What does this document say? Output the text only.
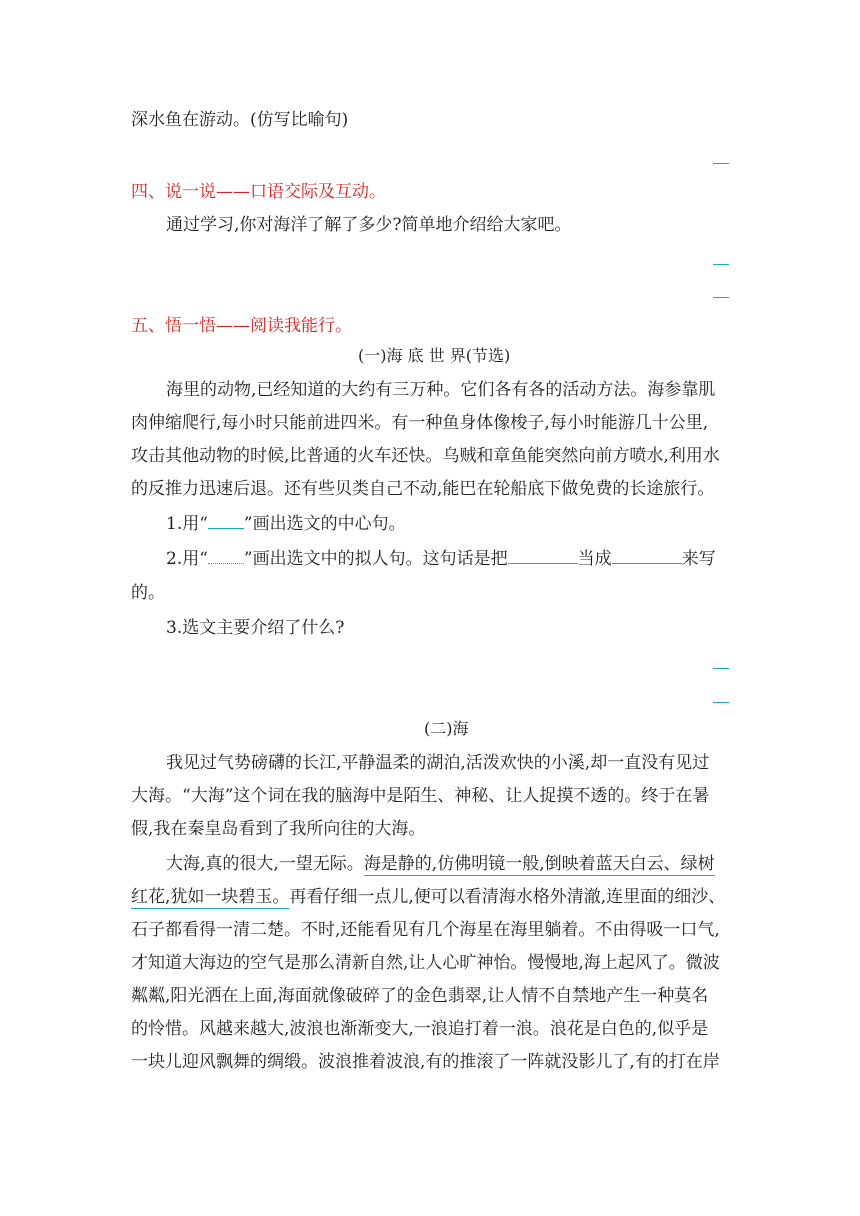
深水鱼在游动。(仿写比喻句)
四、说一说——口语交际及互动。
通过学习,你对海洋了解了多少?简单地介绍给大家吧。
五、悟一悟——阅读我能行。
(一)海 底 世 界(节选)
海里的动物,已经知道的大约有三万种。它们各有各的活动方法。海参靠肌
肉伸缩爬行,每小时只能前进四米。有一种鱼身体像梭子,每小时能游几十公里,
攻击其他动物的时候,比普通的火车还快。乌贼和章鱼能突然向前方喷水,利用水
的反推力迅速后退。还有些贝类自己不动,能巴在轮船底下做免费的长途旅行。
1.用“ ”画出选文的中心句。
2.用“ ”画出选文中的拟人句。这句话是把	当成	来写
的。
3.选文主要介绍了什么?
(二)海
我见过气势磅礴的长江,平静温柔的湖泊,活泼欢快的小溪,却一直没有见过
大海。“大海”这个词在我的脑海中是陌生、神秘、让人捉摸不透的。终于在暑
假,我在秦皇岛看到了我所向往的大海。
大海,真的很大,一望无际。海是静的,仿佛明镜一般,倒映着蓝天白云、绿树
红花,犹如一块碧玉。再看仔细一点儿,便可以看清海水格外清澈,连里面的细沙、
石子都看得一清二楚。不时,还能看见有几个海星在海里躺着。不由得吸一口气,
才知道大海边的空气是那么清新自然,让人心旷神怡。慢慢地,海上起风了。微波
粼粼,阳光洒在上面,海面就像破碎了的金色翡翠,让人情不自禁地产生一种莫名
的怜惜。风越来越大,波浪也渐渐变大,一浪追打着一浪。浪花是白色的,似乎是
一块儿迎风飘舞的绸缎。波浪推着波浪,有的推滚了一阵就没影儿了,有的打在岸
